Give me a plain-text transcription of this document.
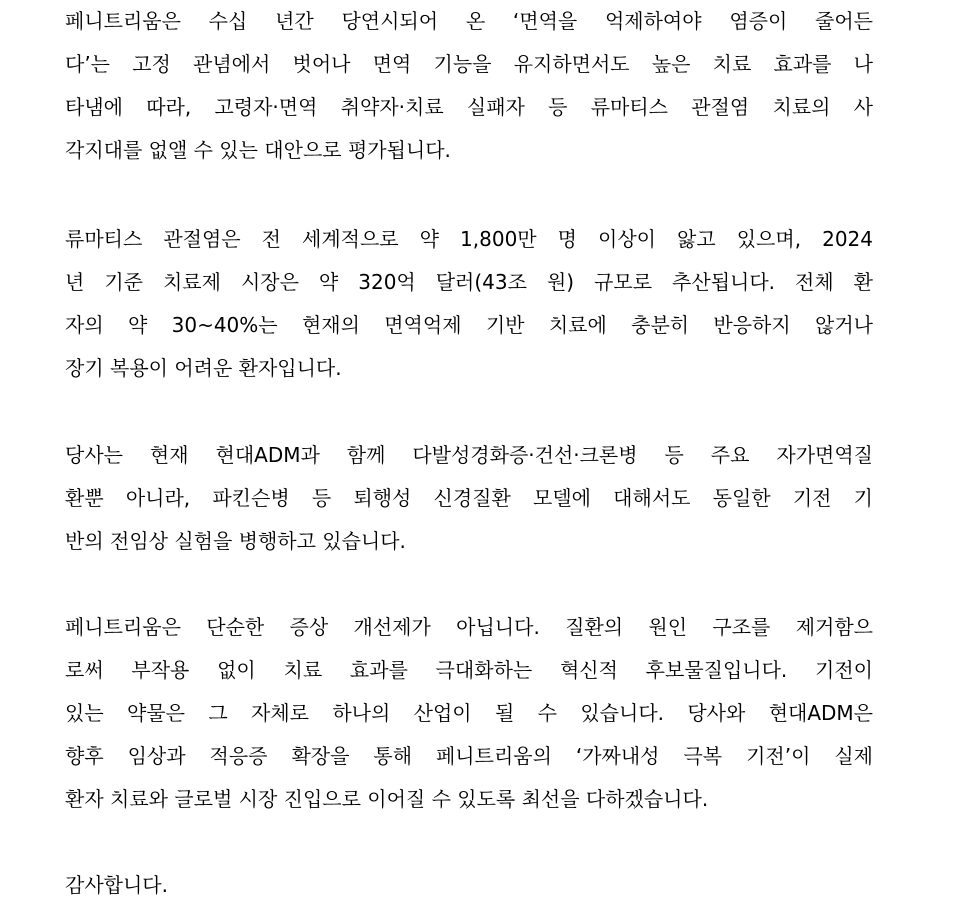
페니트리움은 수십 년간 당연시되어 온 ‘면역을 억제하여야 염증이 줄어든
다’는 고정 관념에서 벗어나 면역 기능을 유지하면서도 높은 치료 효과를 나
타냄에 따라, 고령자·면역 취약자·치료 실패자 등 류마티스 관절염 치료의 사
각지대를 없앨 수 있는 대안으로 평가됩니다.
류마티스 관절염은 전 세계적으로 약 1,800만 명 이상이 앓고 있으며, 2024
년 기준 치료제 시장은 약 320억 달러(43조 원) 규모로 추산됩니다. 전체 환
자의 약 30~40%는 현재의 면역억제 기반 치료에 충분히 반응하지 않거나
장기 복용이 어려운 환자입니다.
당사는 현재 현대ADM과 함께 다발성경화증·건선·크론병 등 주요 자가면역질
환뿐 아니라, 파킨슨병 등 퇴행성 신경질환 모델에 대해서도 동일한 기전 기
반의 전임상 실험을 병행하고 있습니다.
페니트리움은 단순한 증상 개선제가 아닙니다. 질환의 원인 구조를 제거함으
로써 부작용 없이 치료 효과를 극대화하는 혁신적 후보물질입니다. 기전이
있는 약물은 그 자체로 하나의 산업이 될 수 있습니다. 당사와 현대ADM은
향후 임상과 적응증 확장을 통해 페니트리움의 ‘가짜내성 극복 기전’이 실제
환자 치료와 글로벌 시장 진입으로 이어질 수 있도록 최선을 다하겠습니다.
감사합니다.
